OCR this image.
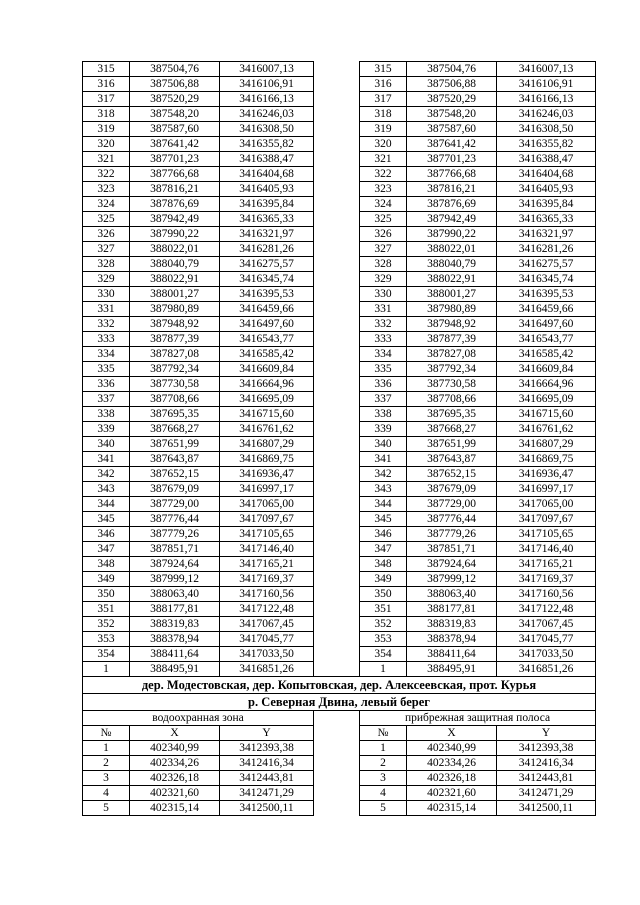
315	387504,76	3416007,13		315	387504,76	3416007,13
316	387506,88	3416106,91		316	387506,88	3416106,91
317	387520,29	3416166,13		317	387520,29	3416166,13
318	387548,20	3416246,03		318	387548,20	3416246,03
319	387587,60	3416308,50		319	387587,60	3416308,50
320	387641,42	3416355,82		320	387641,42	3416355,82
321	387701,23	3416388,47		321	387701,23	3416388,47
322	387766,68	3416404,68		322	387766,68	3416404,68
323	387816,21	3416405,93		323	387816,21	3416405,93
324	387876,69	3416395,84		324	387876,69	3416395,84
325	387942,49	3416365,33		325	387942,49	3416365,33
326	387990,22	3416321,97		326	387990,22	3416321,97
327	388022,01	3416281,26		327	388022,01	3416281,26
328	388040,79	3416275,57		328	388040,79	3416275,57
329	388022,91	3416345,74		329	388022,91	3416345,74
330	388001,27	3416395,53		330	388001,27	3416395,53
331	387980,89	3416459,66		331	387980,89	3416459,66
332	387948,92	3416497,60		332	387948,92	3416497,60
333	387877,39	3416543,77		333	387877,39	3416543,77
334	387827,08	3416585,42		334	387827,08	3416585,42
335	387792,34	3416609,84		335	387792,34	3416609,84
336	387730,58	3416664,96		336	387730,58	3416664,96
337	387708,66	3416695,09		337	387708,66	3416695,09
338	387695,35	3416715,60		338	387695,35	3416715,60
339	387668,27	3416761,62		339	387668,27	3416761,62
340	387651,99	3416807,29		340	387651,99	3416807,29
341	387643,87	3416869,75		341	387643,87	3416869,75
342	387652,15	3416936,47		342	387652,15	3416936,47
343	387679,09	3416997,17		343	387679,09	3416997,17
344	387729,00	3417065,00		344	387729,00	3417065,00
345	387776,44	3417097,67		345	387776,44	3417097,67
346	387779,26	3417105,65		346	387779,26	3417105,65
347	387851,71	3417146,40		347	387851,71	3417146,40
348	387924,64	3417165,21		348	387924,64	3417165,21
349	387999,12	3417169,37		349	387999,12	3417169,37
350	388063,40	3417160,56		350	388063,40	3417160,56
351	388177,81	3417122,48		351	388177,81	3417122,48
352	388319,83	3417067,45		352	388319,83	3417067,45
353	388378,94	3417045,77		353	388378,94	3417045,77
354	388411,64	3417033,50		354	388411,64	3417033,50
1	388495,91	3416851,26		1	388495,91	3416851,26
дер. Модестовская, дер. Копытовская, дер. Алексеевская, прот. Курья						
р. Северная Двина, левый берег						
водоохранная зона				прибрежная защитная полоса		
№	X	Y		№	X	Y
1	402340,99	3412393,38		1	402340,99	3412393,38
2	402334,26	3412416,34		2	402334,26	3412416,34
3	402326,18	3412443,81		3	402326,18	3412443,81
4	402321,60	3412471,29		4	402321,60	3412471,29
5	402315,14	3412500,11		5	402315,14	3412500,11
